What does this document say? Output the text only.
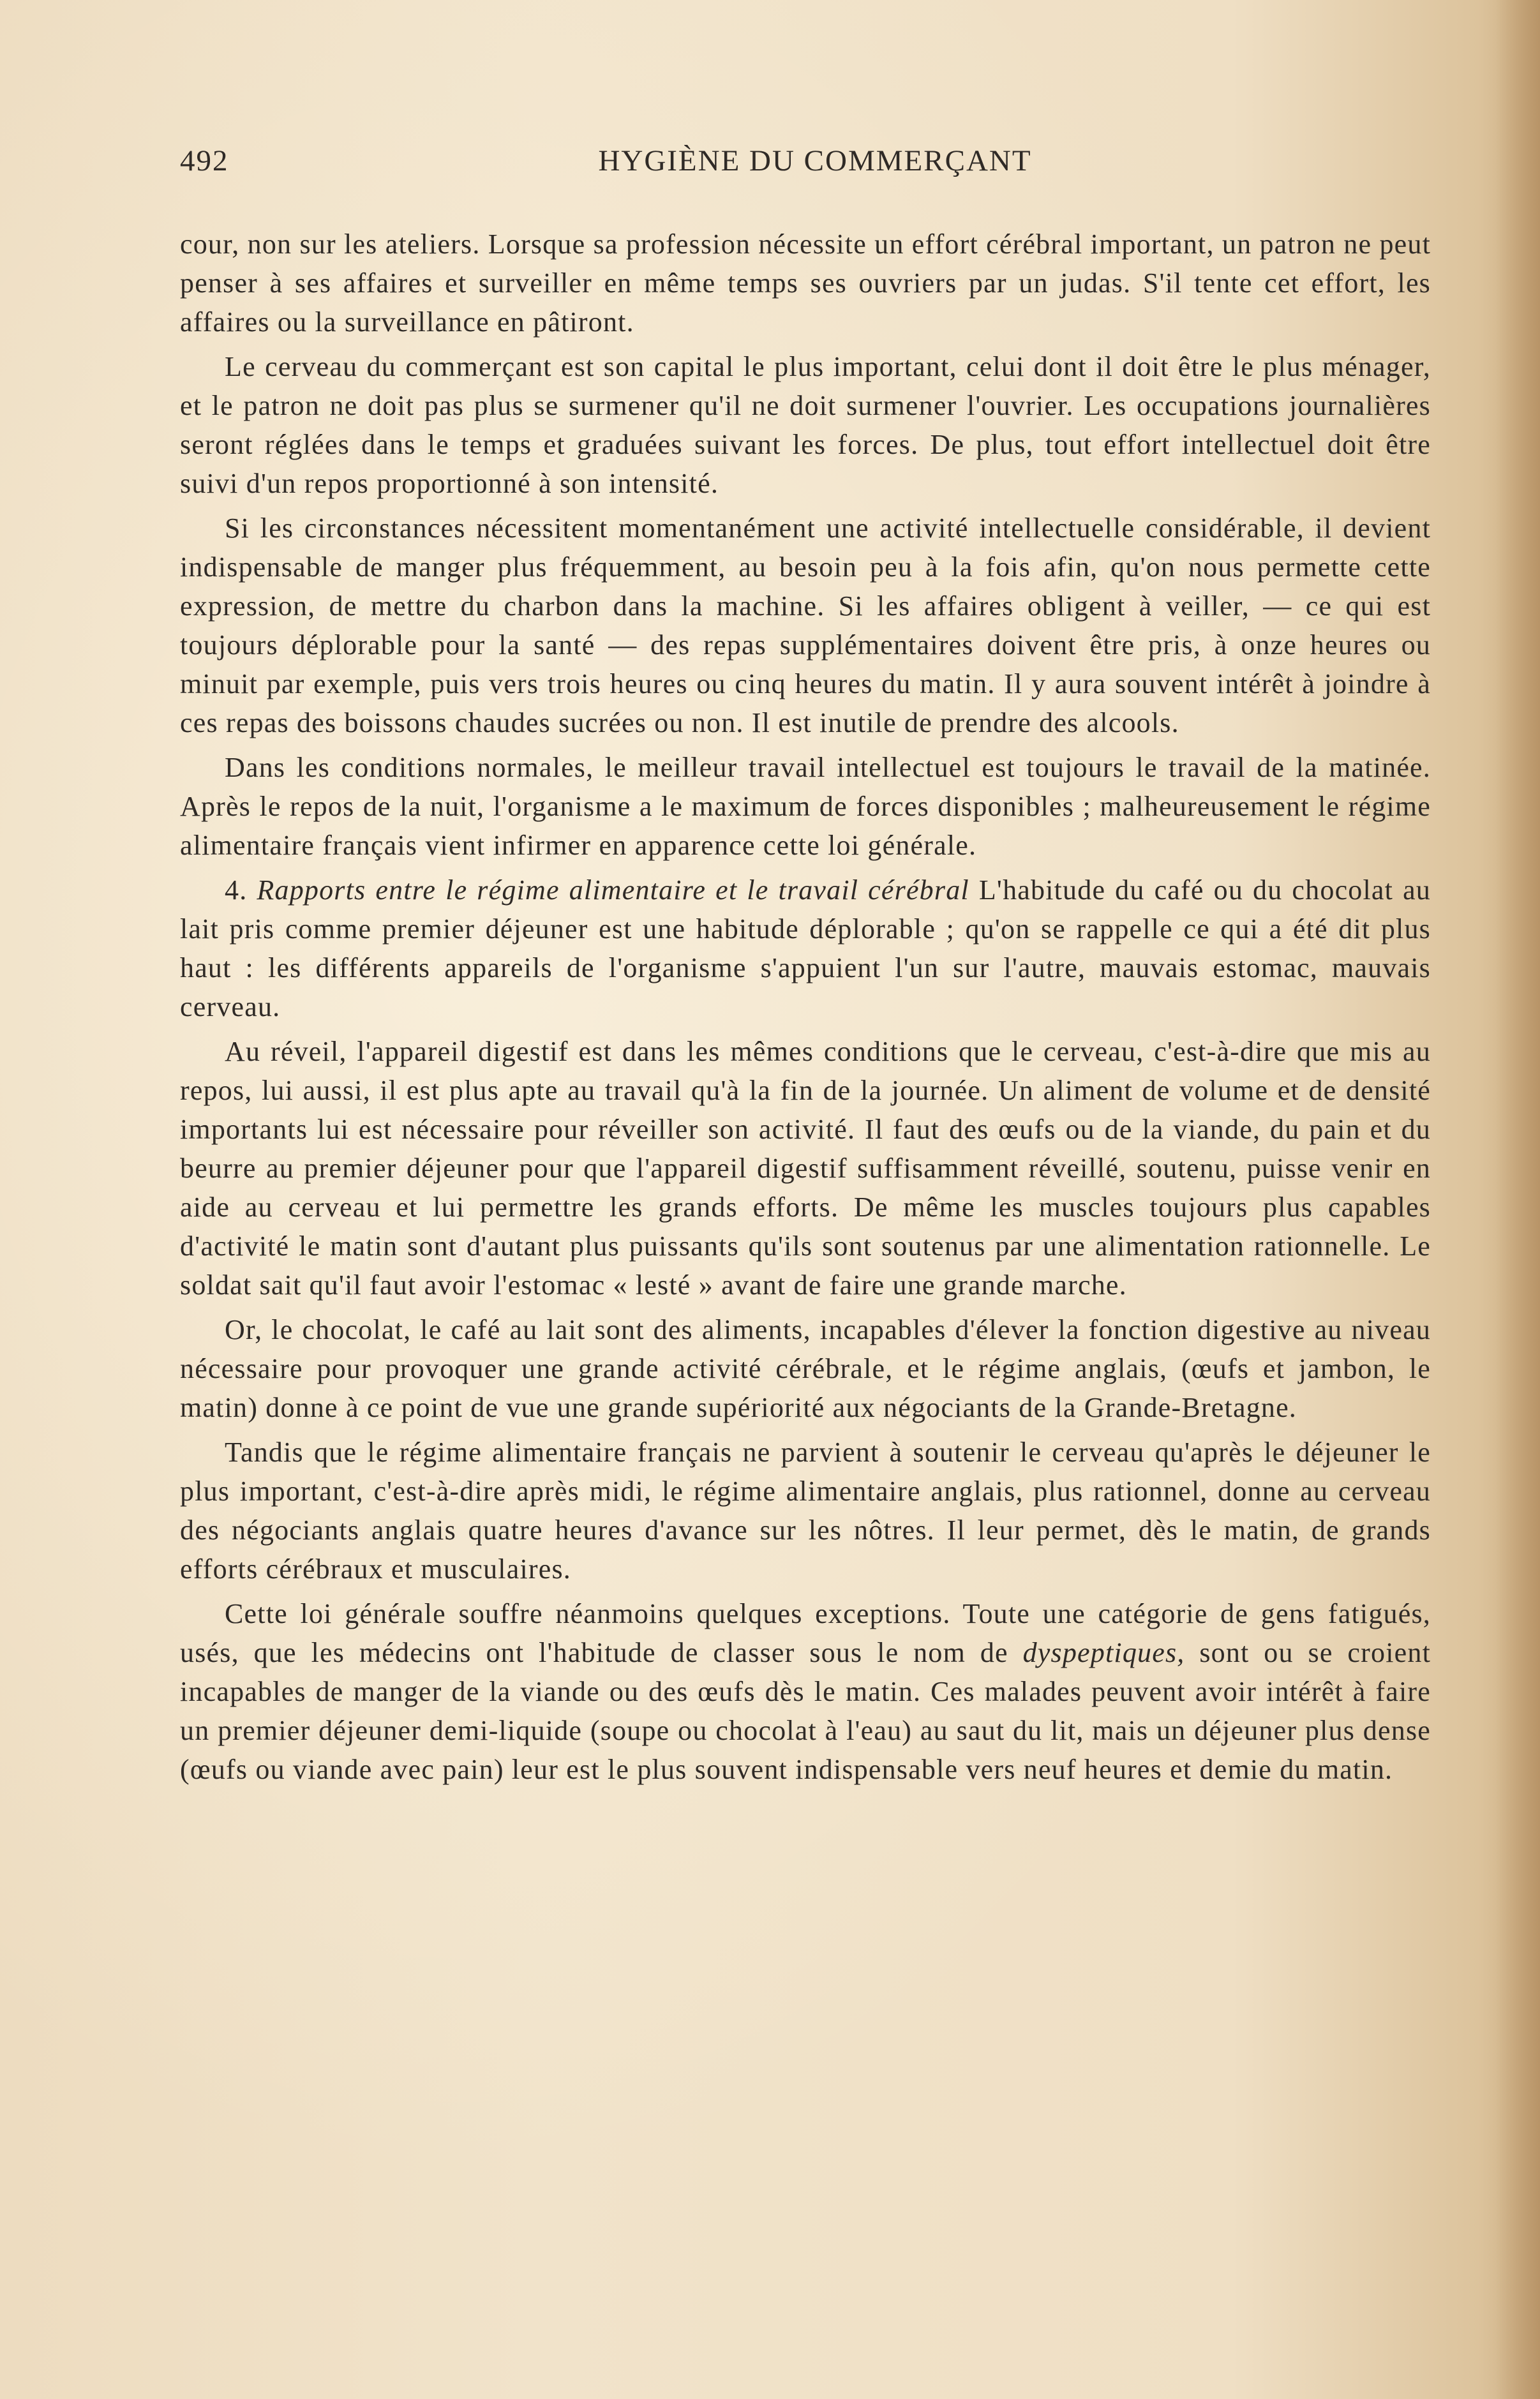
492	HYGIÈNE DU COMMERÇANT

cour, non sur les ateliers. Lorsque sa profession nécessite un effort cérébral important, un patron ne peut penser à ses affaires et surveiller en même temps ses ouvriers par un judas. S'il tente cet effort, les affaires ou la surveillance en pâtiront.

Le cerveau du commerçant est son capital le plus important, celui dont il doit être le plus ménager, et le patron ne doit pas plus se surmener qu'il ne doit surmener l'ouvrier. Les occupations journalières seront réglées dans le temps et graduées suivant les forces. De plus, tout effort intellectuel doit être suivi d'un repos proportionné à son intensité.

Si les circonstances nécessitent momentanément une activité intellectuelle considérable, il devient indispensable de manger plus fréquemment, au besoin peu à la fois afin, qu'on nous permette cette expression, de mettre du charbon dans la machine. Si les affaires obligent à veiller, — ce qui est toujours déplorable pour la santé — des repas supplémentaires doivent être pris, à onze heures ou minuit par exemple, puis vers trois heures ou cinq heures du matin. Il y aura souvent intérêt à joindre à ces repas des boissons chaudes sucrées ou non. Il est inutile de prendre des alcools.

Dans les conditions normales, le meilleur travail intellectuel est toujours le travail de la matinée. Après le repos de la nuit, l'organisme a le maximum de forces disponibles ; malheureusement le régime alimentaire français vient infirmer en apparence cette loi générale.

4. Rapports entre le régime alimentaire et le travail cérébral L'habitude du café ou du chocolat au lait pris comme premier déjeuner est une habitude déplorable ; qu'on se rappelle ce qui a été dit plus haut : les différents appareils de l'organisme s'appuient l'un sur l'autre, mauvais estomac, mauvais cerveau.

Au réveil, l'appareil digestif est dans les mêmes conditions que le cerveau, c'est-à-dire que mis au repos, lui aussi, il est plus apte au travail qu'à la fin de la journée. Un aliment de volume et de densité importants lui est nécessaire pour réveiller son activité. Il faut des œufs ou de la viande, du pain et du beurre au premier déjeuner pour que l'appareil digestif suffisamment réveillé, soutenu, puisse venir en aide au cerveau et lui permettre les grands efforts. De même les muscles toujours plus capables d'activité le matin sont d'autant plus puissants qu'ils sont soutenus par une alimentation rationnelle. Le soldat sait qu'il faut avoir l'estomac « lesté » avant de faire une grande marche.

Or, le chocolat, le café au lait sont des aliments, incapables d'élever la fonction digestive au niveau nécessaire pour provoquer une grande activité cérébrale, et le régime anglais, (œufs et jambon, le matin) donne à ce point de vue une grande supériorité aux négociants de la Grande-Bretagne.

Tandis que le régime alimentaire français ne parvient à soutenir le cerveau qu'après le déjeuner le plus important, c'est-à-dire après midi, le régime alimentaire anglais, plus rationnel, donne au cerveau des négociants anglais quatre heures d'avance sur les nôtres. Il leur permet, dès le matin, de grands efforts cérébraux et musculaires.

Cette loi générale souffre néanmoins quelques exceptions. Toute une catégorie de gens fatigués, usés, que les médecins ont l'habitude de classer sous le nom de dyspeptiques, sont ou se croient incapables de manger de la viande ou des œufs dès le matin. Ces malades peuvent avoir intérêt à faire un premier déjeuner demi-liquide (soupe ou chocolat à l'eau) au saut du lit, mais un déjeuner plus dense (œufs ou viande avec pain) leur est le plus souvent indispensable vers neuf heures et demie du matin.
